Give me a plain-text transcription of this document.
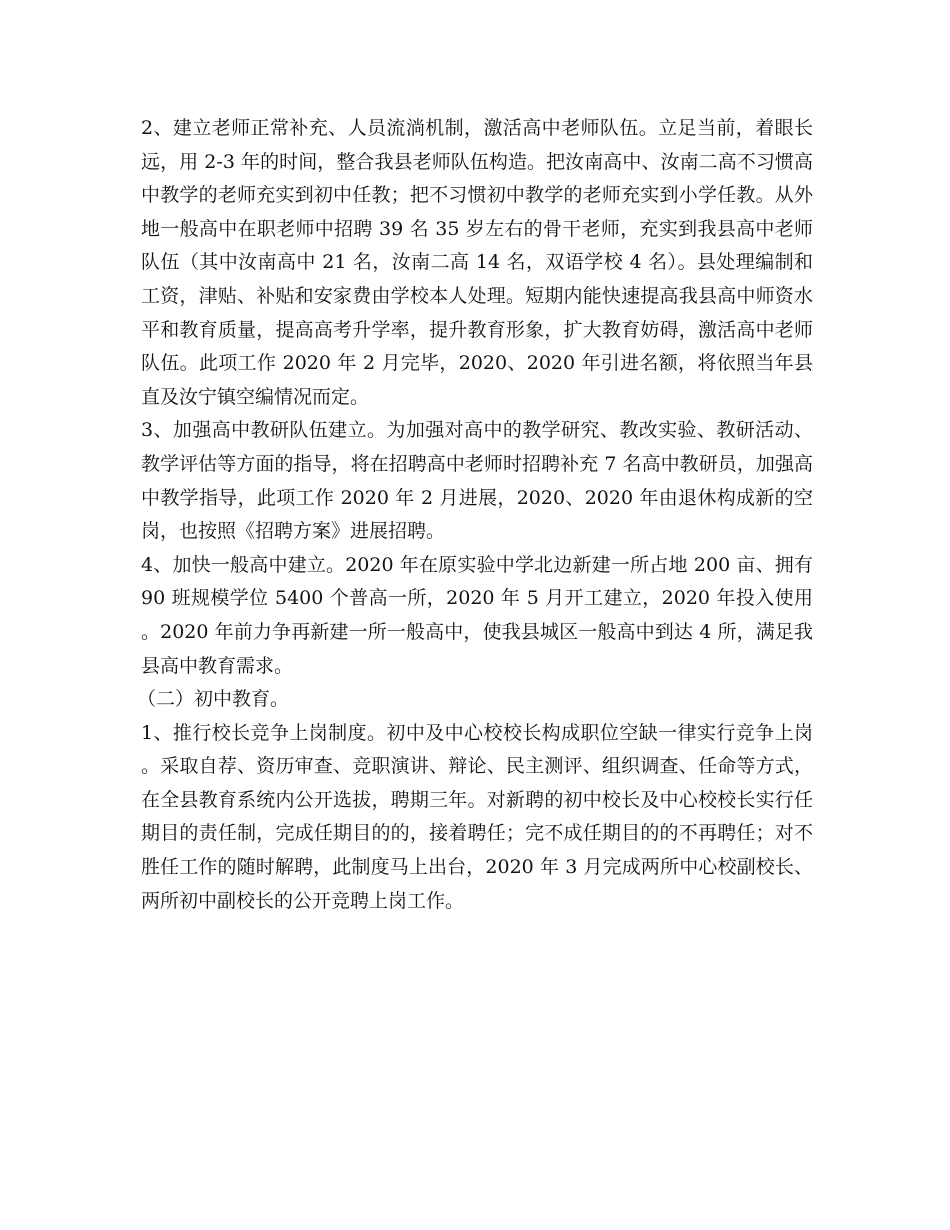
2、建立老师正常补充、人员流淌机制，激活高中老师队伍。立足当前，着眼长远，用 2-3 年的时间，整合我县老师队伍构造。把汝南高中、汝南二高不习惯高中教学的老师充实到初中任教；把不习惯初中教学的老师充实到小学任教。从外地一般高中在职老师中招聘 39 名 35 岁左右的骨干老师，充实到我县高中老师队伍（其中汝南高中 21 名，汝南二高 14 名，双语学校 4 名）。县处理编制和工资，津贴、补贴和安家费由学校本人处理。短期内能快速提高我县高中师资水平和教育质量，提高高考升学率，提升教育形象，扩大教育妨碍，激活高中老师队伍。此项工作 2020 年 2 月完毕，2020、2020 年引进名额，将依照当年县直及汝宁镇空编情况而定。

3、加强高中教研队伍建立。为加强对高中的教学研究、教改实验、教研活动、教学评估等方面的指导，将在招聘高中老师时招聘补充 7 名高中教研员，加强高中教学指导，此项工作 2020 年 2 月进展，2020、2020 年由退休构成新的空岗，也按照《招聘方案》进展招聘。

4、加快一般高中建立。2020 年在原实验中学北边新建一所占地 200 亩、拥有 90 班规模学位 5400 个普高一所，2020 年 5 月开工建立，2020 年投入使用。2020 年前力争再新建一所一般高中，使我县城区一般高中到达 4 所，满足我县高中教育需求。

（二）初中教育。

1、推行校长竞争上岗制度。初中及中心校校长构成职位空缺一律实行竞争上岗。采取自荐、资历审查、竞职演讲、辩论、民主测评、组织调查、任命等方式，在全县教育系统内公开选拔，聘期三年。对新聘的初中校长及中心校校长实行任期目的责任制，完成任期目的的，接着聘任；完不成任期目的的不再聘任；对不胜任工作的随时解聘，此制度马上出台，2020 年 3 月完成两所中心校副校长、两所初中副校长的公开竞聘上岗工作。
